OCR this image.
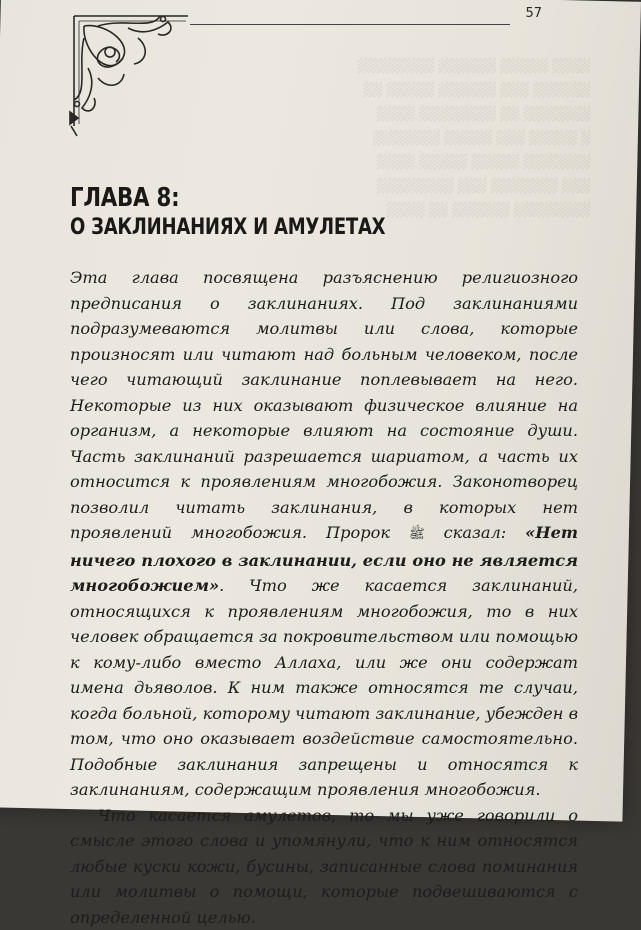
57

░░░░ ░░░░░ ░░░░░░ ░░░░░░░░
░░░░░░ ░░░ ░░░░░░ ░░░░░ ░░
░░░░░░░ ░░ ░░░░░░░░ ░░░░
░ ░░░░░ ░░░ ░░░░░ ░░░░░░░
░░░░░░░ ░░░░░ ░░░░░ ░░░░
░░░ ░░░░░░░ ░░░ ░░░░░░░░
░░░░░░░░ ░░░░░░ ░░ ░░░░

ГЛАВА 8:
О ЗАКЛИНАНИЯХ И АМУЛЕТАХ

Эта глава посвящена разъяснению религиозного предписания о заклинаниях. Под заклинаниями подразумеваются молитвы или слова, которые произносят или читают над больным человеком, после чего читающий заклинание поплевывает на него. Некоторые из них оказывают физическое влияние на организм, а некоторые влияют на состояние души. Часть заклинаний разрешается шариатом, а часть их относится к проявлениям многобожия. Законотворец позволил читать заклинания, в которых нет проявлений многобожия. Пророк ﷺ сказал: «Нет ничего плохого в заклинании, если оно не является многобожием». Что же касается заклинаний, относящихся к проявлениям многобожия, то в них человек обращается за покровительством или помощью к кому-либо вместо Аллаха, или же они содержат имена дьяволов. К ним также относятся те случаи, когда больной, которому читают заклинание, убежден в том, что оно оказывает воздействие самостоятельно. Подобные заклинания запрещены и относятся к заклинаниям, содержащим проявления многобожия.

Что касается амулетов, то мы уже говорили о смысле этого слова и упомянули, что к ним относятся любые куски кожи, бусины, записанные слова поминания или молитвы о помощи, которые подвешиваются с определенной целью.
